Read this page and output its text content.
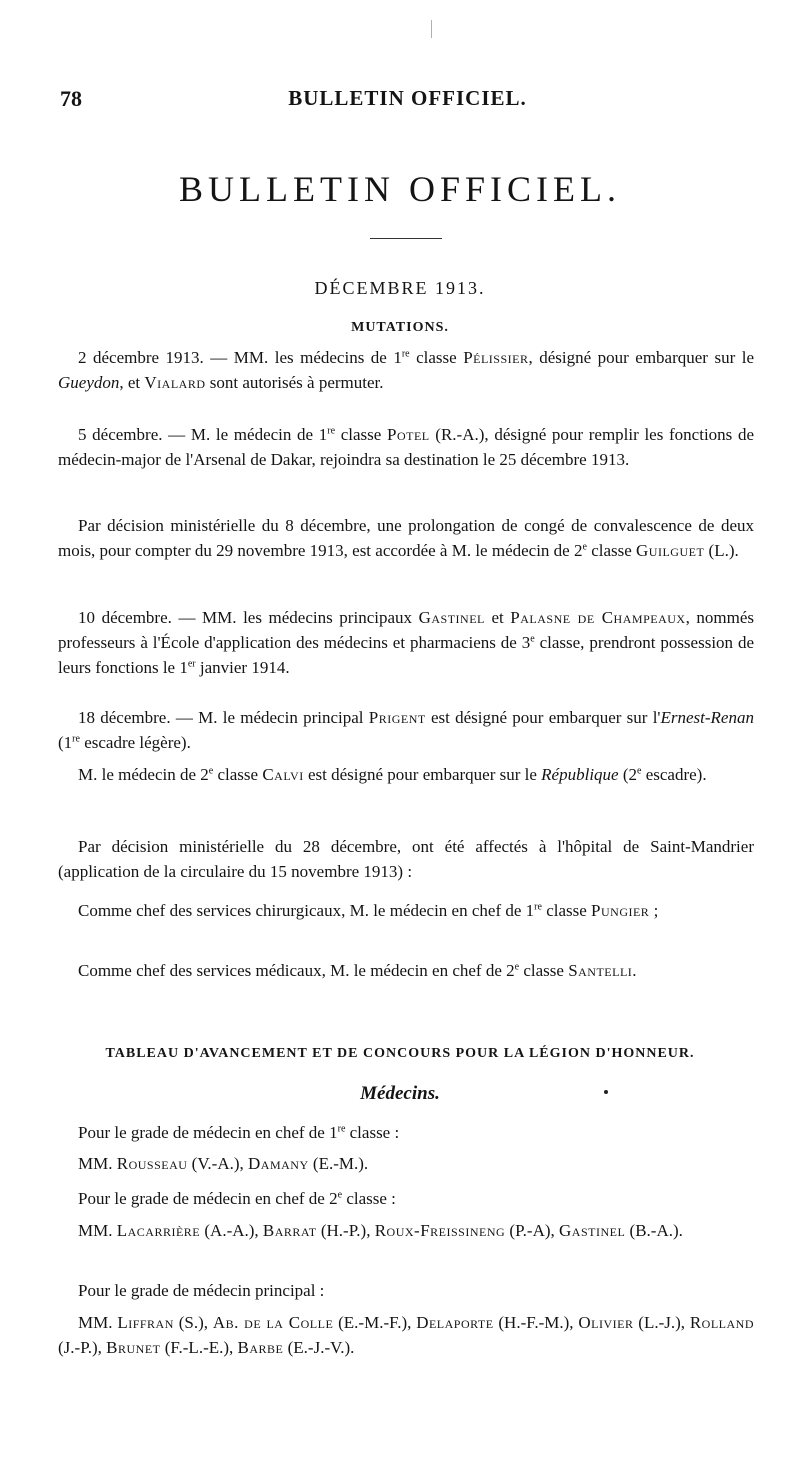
78	BULLETIN OFFICIEL.
BULLETIN OFFICIEL.
DÉCEMBRE 1913.
MUTATIONS.

2 décembre 1913. — MM. les médecins de 1re classe Pélissier, désigné pour embarquer sur le Gueydon, et Vialard sont autorisés à permuter.

5 décembre. — M. le médecin de 1re classe Potel (R.-A.), désigné pour remplir les fonctions de médecin-major de l'Arsenal de Dakar, rejoindra sa destination le 25 décembre 1913.

Par décision ministérielle du 8 décembre, une prolongation de congé de convalescence de deux mois, pour compter du 29 novembre 1913, est accordée à M. le médecin de 2e classe Guilguet (L.).

10 décembre. — MM. les médecins principaux Gastinel et Palasne de Champeaux, nommés professeurs à l'École d'application des médecins et pharmaciens de 3e classe, prendront possession de leurs fonctions le 1er janvier 1914.

18 décembre. — M. le médecin principal Prigent est désigné pour embarquer sur l'Ernest-Renan (1re escadre légère).

M. le médecin de 2e classe Calvi est désigné pour embarquer sur le République (2e escadre).

Par décision ministérielle du 28 décembre, ont été affectés à l'hôpital de Saint-Mandrier (application de la circulaire du 15 novembre 1913) :

Comme chef des services chirurgicaux, M. le médecin en chef de 1re classe Pungier ;

Comme chef des services médicaux, M. le médecin en chef de 2e classe Santelli.

TABLEAU D'AVANCEMENT ET DE CONCOURS POUR LA LÉGION D'HONNEUR.
Médecins.

Pour le grade de médecin en chef de 1re classe :

MM. Rousseau (V.-A.), Damany (E.-M.).

Pour le grade de médecin en chef de 2e classe :

MM. Lacarrière (A.-A.), Barrat (H.-P.), Roux-Freissineng (P.-A), Gastinel (B.-A.).

Pour le grade de médecin principal :

MM. Liffran (S.), Ab. de la Colle (E.-M.-F.), Delaporte (H.-F.-M.), Olivier (L.-J.), Rolland (J.-P.), Brunet (F.-L.-E.), Barbe (E.-J.-V.).
